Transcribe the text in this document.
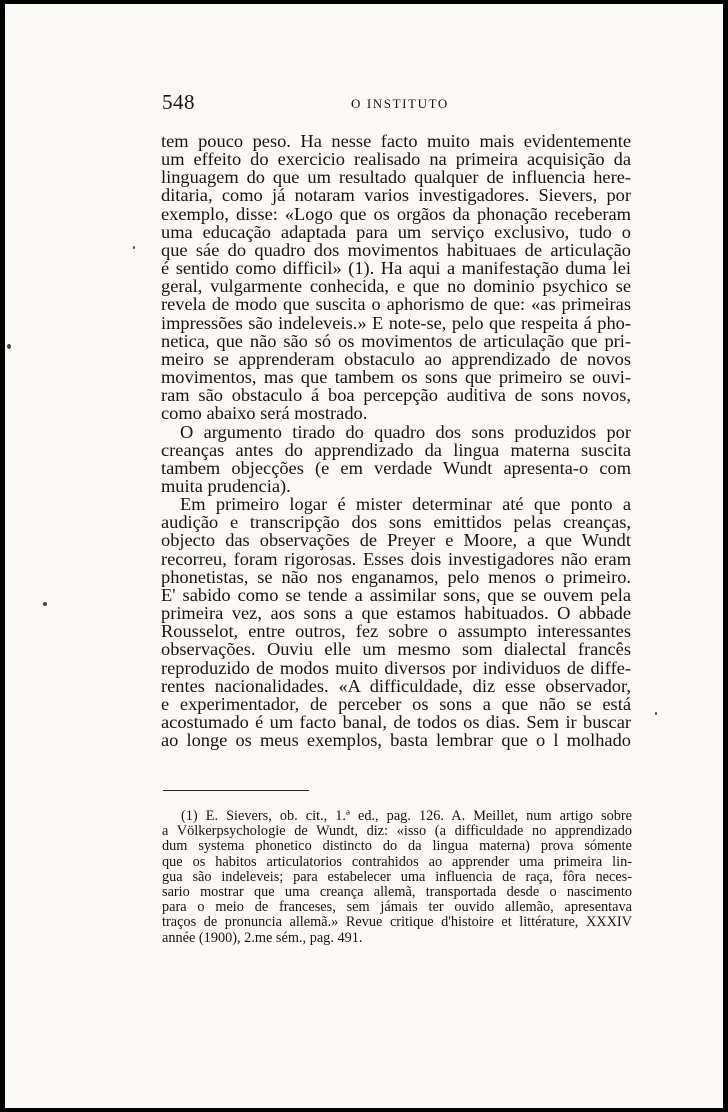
548	O INSTITUTO

tem pouco peso. Ha nesse facto muito mais evidentemente

um effeito do exercicio realisado na primeira acquisição da

linguagem do que um resultado qualquer de influencia here-

ditaria, como já notaram varios investigadores. Sievers, por

exemplo, disse: «Logo que os orgãos da phonação receberam

uma educação adaptada para um serviço exclusivo, tudo o

que sáe do quadro dos movimentos habituaes de articulação

é sentido como difficil» (1). Ha aqui a manifestação duma lei

geral, vulgarmente conhecida, e que no dominio psychico se

revela de modo que suscita o aphorismo de que: «as primeiras

impressões são indeleveis.» E note-se, pelo que respeita á pho-

netica, que não são só os movimentos de articulação que pri-

meiro se apprenderam obstaculo ao apprendizado de novos

movimentos, mas que tambem os sons que primeiro se ouvi-

ram são obstaculo á boa percepção auditiva de sons novos,

como abaixo será mostrado.

O argumento tirado do quadro dos sons produzidos por

creanças antes do apprendizado da lingua materna suscita

tambem objecções (e em verdade Wundt apresenta-o com

muita prudencia).

Em primeiro logar é mister determinar até que ponto a

audição e transcripção dos sons emittidos pelas creanças,

objecto das observações de Preyer e Moore, a que Wundt

recorreu, foram rigorosas. Esses dois investigadores não eram

phonetistas, se não nos enganamos, pelo menos o primeiro.

E' sabido como se tende a assimilar sons, que se ouvem pela

primeira vez, aos sons a que estamos habituados. O abbade

Rousselot, entre outros, fez sobre o assumpto interessantes

observações. Ouviu elle um mesmo som dialectal francês

reproduzido de modos muito diversos por individuos de diffe-

rentes nacionalidades. «A difficuldade, diz esse observador,

e experimentador, de perceber os sons a que não se está

acostumado é um facto banal, de todos os dias. Sem ir buscar

ao longe os meus exemplos, basta lembrar que o l molhado

(1) E. Sievers, ob. cit., 1.ª ed., pag. 126. A. Meillet, num artigo sobre

a Völkerpsychologie de Wundt, diz: «isso (a difficuldade no apprendizado

dum systema phonetico distincto do da lingua materna) prova sómente

que os habitos articulatorios contrahidos ao apprender uma primeira lin-

gua são indeleveis; para estabelecer uma influencia de raça, fôra neces-

sario mostrar que uma creança allemã, transportada desde o nascimento

para o meio de franceses, sem jámais ter ouvido allemão, apresentava

traços de pronuncia allemã.» Revue critique d'histoire et littérature, XXXIV

année (1900), 2.me sém., pag. 491.
